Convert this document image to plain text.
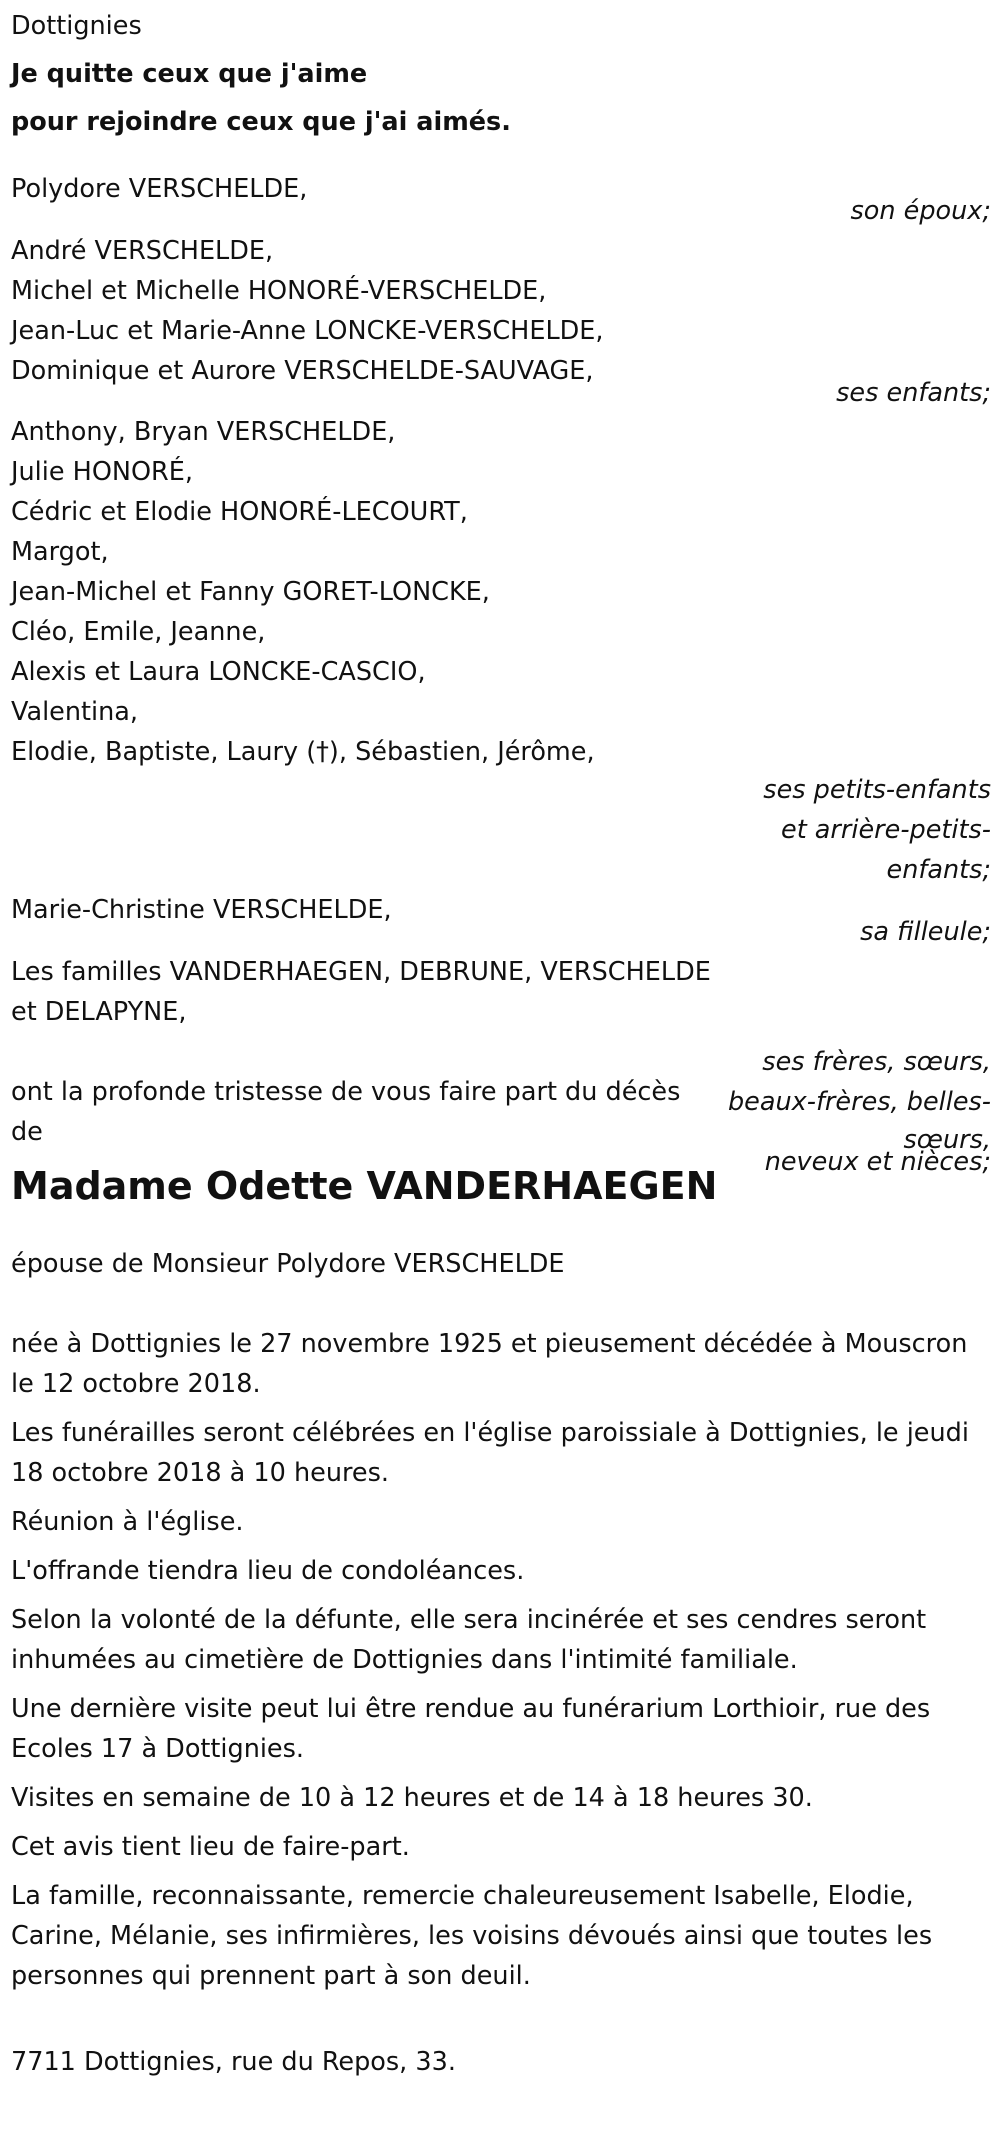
Dottignies
Je quitte ceux que j'aime
pour rejoindre ceux que j'ai aimés.
Polydore VERSCHELDE,
son époux;
André VERSCHELDE,
Michel et Michelle HONORÉ-VERSCHELDE,
Jean-Luc et Marie-Anne LONCKE-VERSCHELDE,
Dominique et Aurore VERSCHELDE-SAUVAGE,
ses enfants;
Anthony, Bryan VERSCHELDE,
Julie HONORÉ,
Cédric et Elodie HONORÉ-LECOURT,
Margot,
Jean-Michel et Fanny GORET-LONCKE,
Cléo, Emile, Jeanne,
Alexis et Laura LONCKE-CASCIO,
Valentina,
Elodie, Baptiste, Laury (†), Sébastien, Jérôme,
ses petits-enfants
et arrière-petits-
enfants;
Marie-Christine VERSCHELDE,
sa filleule;
Les familles VANDERHAEGEN, DEBRUNE, VERSCHELDE
et DELAPYNE,
ont la profonde tristesse de vous faire part du décès
de
ses frères, sœurs,
beaux-frères, belles-
sœurs,
neveux et nièces;
Madame Odette VANDERHAEGEN
épouse de Monsieur Polydore VERSCHELDE
née à Dottignies le 27 novembre 1925 et pieusement décédée à Mouscron le 12 octobre 2018.
Les funérailles seront célébrées en l'église paroissiale à Dottignies, le jeudi 18 octobre 2018 à 10 heures.
Réunion à l'église.
L'offrande tiendra lieu de condoléances.
Selon la volonté de la défunte, elle sera incinérée et ses cendres seront inhumées au cimetière de Dottignies dans l'intimité familiale.
Une dernière visite peut lui être rendue au funérarium Lorthioir, rue des Ecoles 17 à Dottignies.
Visites en semaine de 10 à 12 heures et de 14 à 18 heures 30.
Cet avis tient lieu de faire-part.
La famille, reconnaissante, remercie chaleureusement Isabelle, Elodie, Carine, Mélanie, ses infirmières, les voisins dévoués ainsi que toutes les personnes qui prennent part à son deuil.
7711 Dottignies, rue du Repos, 33.
